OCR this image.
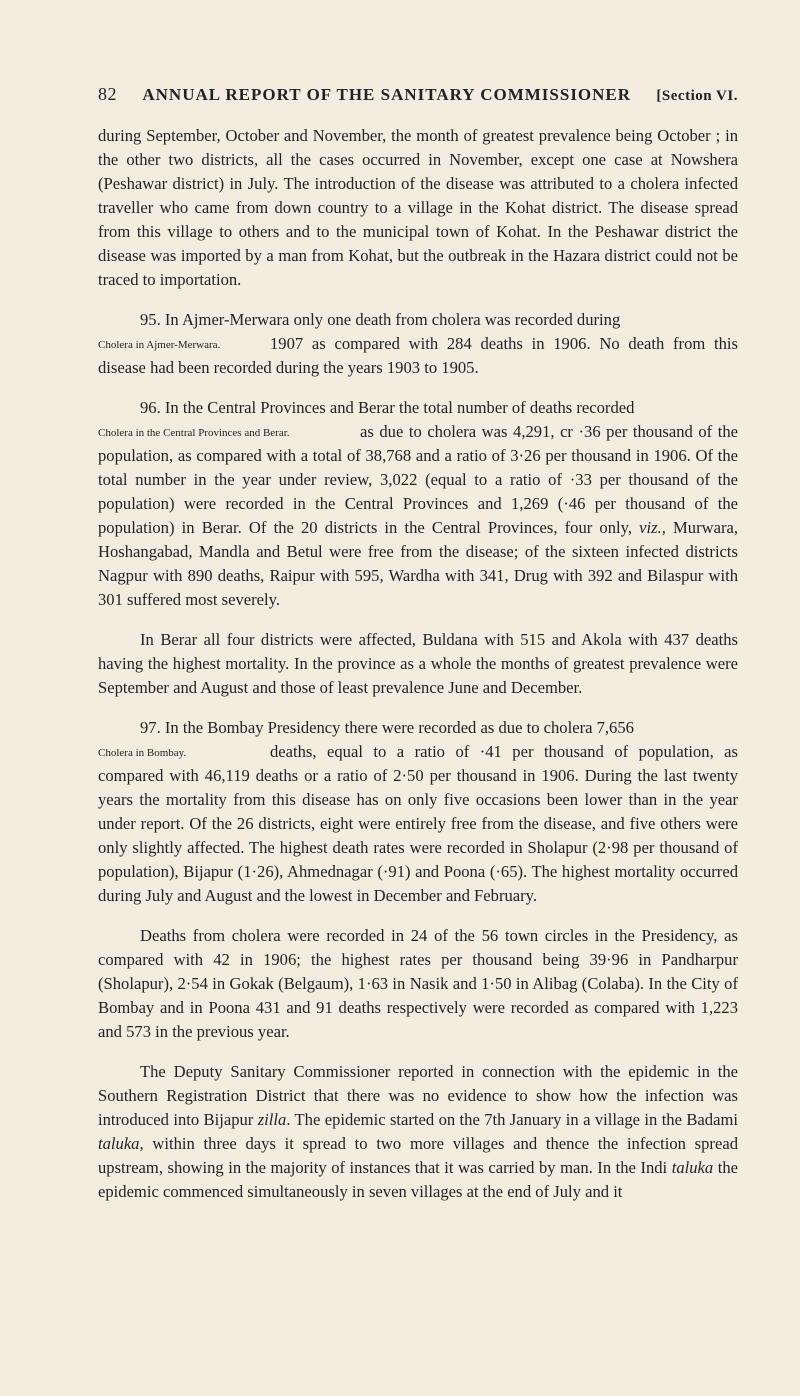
82 ANNUAL REPORT OF THE SANITARY COMMISSIONER [Section VI.

during September, October and November, the month of greatest prevalence being October ; in the other two districts, all the cases occurred in November, except one case at Nowshera (Peshawar district) in July. The introduction of the disease was attributed to a cholera infected traveller who came from down country to a village in the Kohat district. The disease spread from this village to others and to the municipal town of Kohat. In the Peshawar district the disease was imported by a man from Kohat, but the outbreak in the Hazara district could not be traced to importation.

95. In Ajmer-Merwara only one death from cholera was recorded during
Cholera in Ajmer-Merwara.	1907 as compared with 284 deaths in 1906. No death from this disease had been recorded during the years 1903 to 1905.

96. In the Central Provinces and Berar the total number of deaths recorded
Cholera in the Central Provinces and Berar.	as due to cholera was 4,291, cr ·36 per thousand of the population, as compared with a total of 38,768 and a ratio of 3·26 per thousand in 1906. Of the total number in the year under review, 3,022 (equal to a ratio of ·33 per thousand of the population) were recorded in the Central Provinces and 1,269 (·46 per thousand of the population) in Berar. Of the 20 districts in the Central Provinces, four only, viz., Murwara, Hoshangabad, Mandla and Betul were free from the disease; of the sixteen infected districts Nagpur with 890 deaths, Raipur with 595, Wardha with 341, Drug with 392 and Bilaspur with 301 suffered most severely.

In Berar all four districts were affected, Buldana with 515 and Akola with 437 deaths having the highest mortality. In the province as a whole the months of greatest prevalence were September and August and those of least prevalence June and December.

97. In the Bombay Presidency there were recorded as due to cholera 7,656
Cholera in Bombay.	deaths, equal to a ratio of ·41 per thousand of population, as compared with 46,119 deaths or a ratio of 2·50 per thousand in 1906. During the last twenty years the mortality from this disease has on only five occasions been lower than in the year under report. Of the 26 districts, eight were entirely free from the disease, and five others were only slightly affected. The highest death rates were recorded in Sholapur (2·98 per thousand of population), Bijapur (1·26), Ahmednagar (·91) and Poona (·65). The highest mortality occurred during July and August and the lowest in December and February.

Deaths from cholera were recorded in 24 of the 56 town circles in the Presidency, as compared with 42 in 1906; the highest rates per thousand being 39·96 in Pandharpur (Sholapur), 2·54 in Gokak (Belgaum), 1·63 in Nasik and 1·50 in Alibag (Colaba). In the City of Bombay and in Poona 431 and 91 deaths respectively were recorded as compared with 1,223 and 573 in the previous year.

The Deputy Sanitary Commissioner reported in connection with the epidemic in the Southern Registration District that there was no evidence to show how the infection was introduced into Bijapur zilla. The epidemic started on the 7th January in a village in the Badami taluka, within three days it spread to two more villages and thence the infection spread upstream, showing in the majority of instances that it was carried by man. In the Indi taluka the epidemic commenced simultaneously in seven villages at the end of July and it
